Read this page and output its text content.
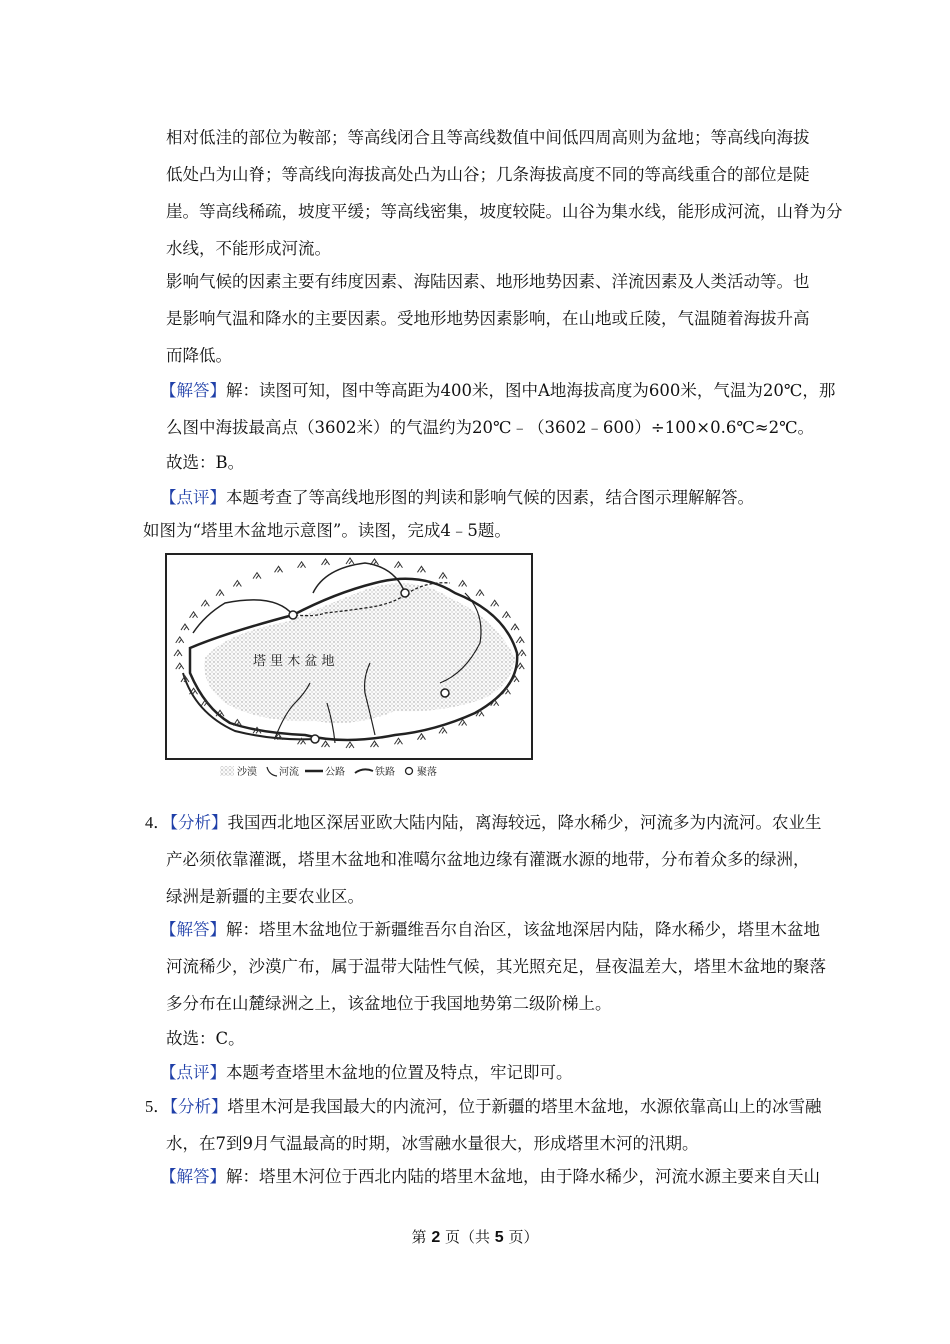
相对低洼的部位为鞍部；等高线闭合且等高线数值中间低四周高则为盆地；等高线向海拔
低处凸为山脊；等高线向海拔高处凸为山谷；几条海拔高度不同的等高线重合的部位是陡
崖。等高线稀疏，坡度平缓；等高线密集，坡度较陡。山谷为集水线，能形成河流，山脊为分
水线，不能形成河流。
影响气候的因素主要有纬度因素、海陆因素、地形地势因素、洋流因素及人类活动等。也
是影响气温和降水的主要因素。受地形地势因素影响，在山地或丘陵，气温随着海拔升高
而降低。
【解答】解：读图可知，图中等高距为400米，图中A地海拔高度为600米，气温为20℃，那
么图中海拔最高点（3602米）的气温约为20℃﹣（3602﹣600）÷100×0.6℃≈2℃。
故选：B。
【点评】本题考查了等高线地形图的判读和影响气候的因素，结合图示理解解答。
如图为“塔里木盆地示意图”。读图，完成4﹣5题。
塔 里 木 盆 地
沙漠 河流	公路	铁路 聚落
4．【分析】我国西北地区深居亚欧大陆内陆，离海较远，降水稀少，河流多为内流河。农业生
产必须依靠灌溉，塔里木盆地和准噶尔盆地边缘有灌溉水源的地带，分布着众多的绿洲，
绿洲是新疆的主要农业区。
【解答】解：塔里木盆地位于新疆维吾尔自治区，该盆地深居内陆，降水稀少，塔里木盆地
河流稀少，沙漠广布，属于温带大陆性气候，其光照充足，昼夜温差大，塔里木盆地的聚落
多分布在山麓绿洲之上，该盆地位于我国地势第二级阶梯上。
故选：C。
【点评】本题考查塔里木盆地的位置及特点，牢记即可。
5．【分析】塔里木河是我国最大的内流河，位于新疆的塔里木盆地，水源依靠高山上的冰雪融
水，在7到9月气温最高的时期，冰雪融水量很大，形成塔里木河的汛期。
【解答】解：塔里木河位于西北内陆的塔里木盆地，由于降水稀少，河流水源主要来自天山
第 2 页（共 5 页）
